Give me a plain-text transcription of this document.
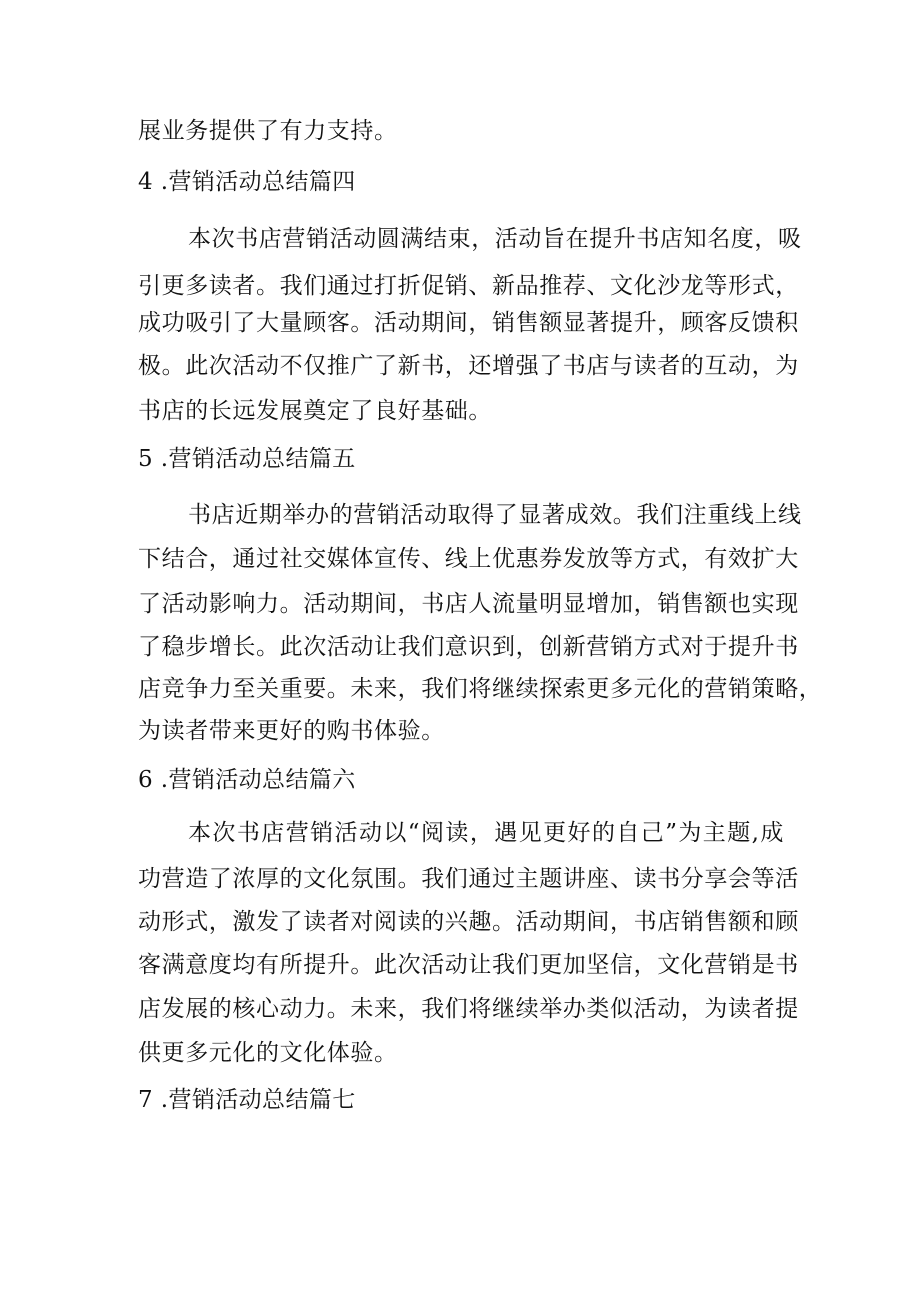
展业务提供了有力支持。
4 .营销活动总结篇四
本次书店营销活动圆满结束，活动旨在提升书店知名度，吸
引更多读者。我们通过打折促销、新品推荐、文化沙龙等形式，
成功吸引了大量顾客。活动期间，销售额显著提升，顾客反馈积
极。此次活动不仅推广了新书，还增强了书店与读者的互动，为
书店的长远发展奠定了良好基础。
5 .营销活动总结篇五
书店近期举办的营销活动取得了显著成效。我们注重线上线
下结合，通过社交媒体宣传、线上优惠券发放等方式，有效扩大
了活动影响力。活动期间，书店人流量明显增加，销售额也实现
了稳步增长。此次活动让我们意识到，创新营销方式对于提升书
店竞争力至关重要。未来，我们将继续探索更多元化的营销策略，
为读者带来更好的购书体验。
6 .营销活动总结篇六
本次书店营销活动以“阅读，遇见更好的自己”为主题,成
功营造了浓厚的文化氛围。我们通过主题讲座、读书分享会等活
动形式，激发了读者对阅读的兴趣。活动期间，书店销售额和顾
客满意度均有所提升。此次活动让我们更加坚信，文化营销是书
店发展的核心动力。未来，我们将继续举办类似活动，为读者提
供更多元化的文化体验。
7 .营销活动总结篇七
